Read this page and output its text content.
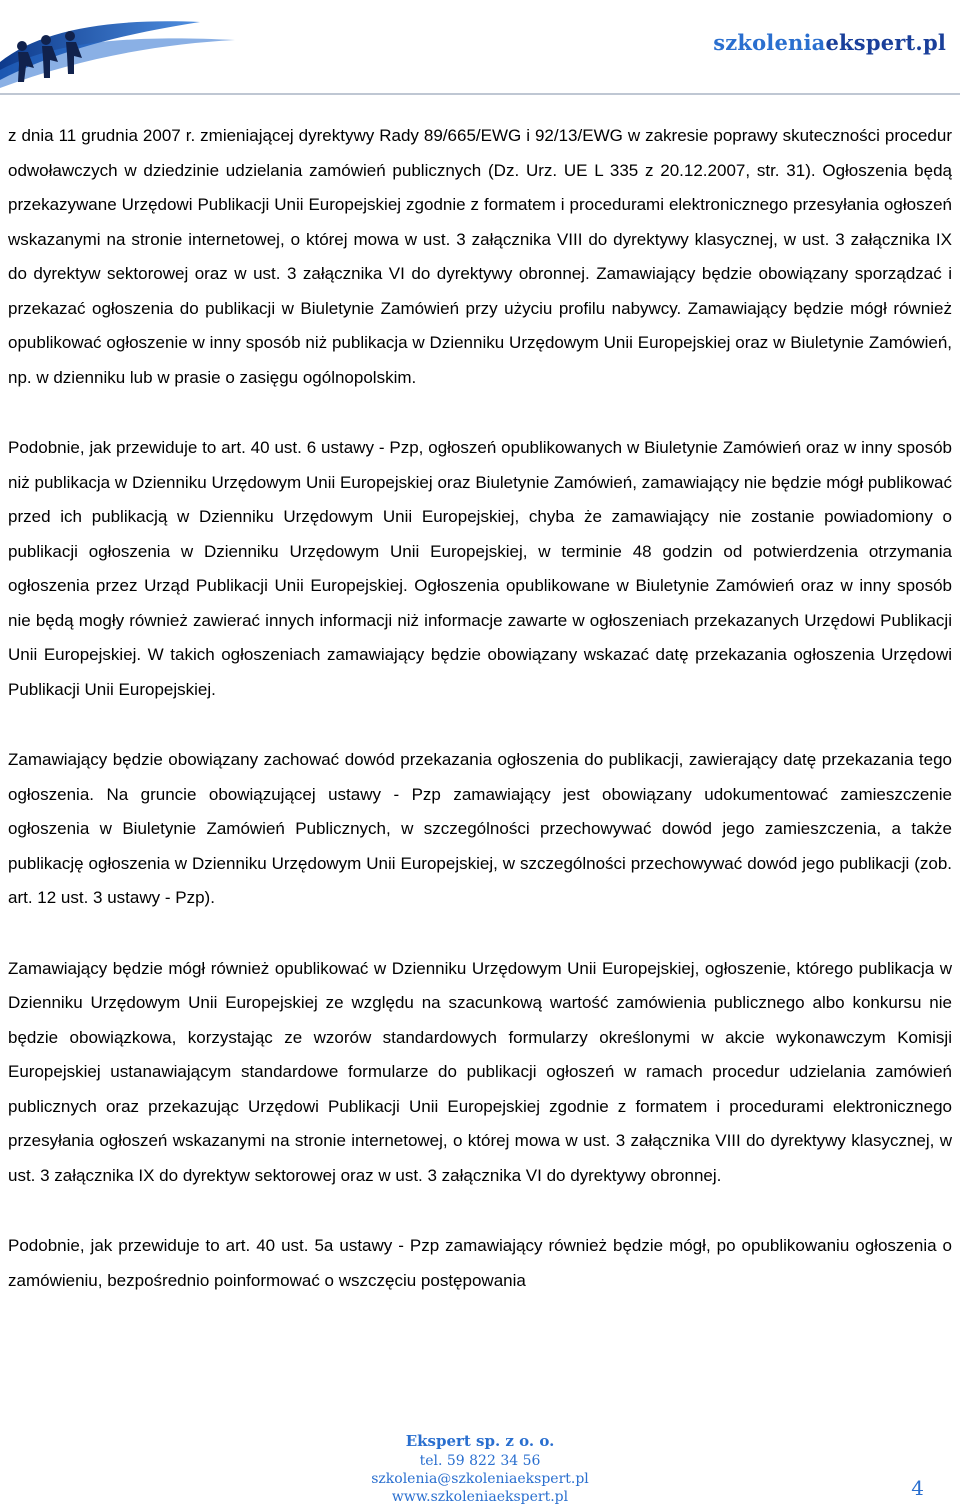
szkoleniaekspert.pl

z dnia 11 grudnia 2007 r. zmieniającej dyrektywy Rady 89/665/EWG i 92/13/EWG w zakresie poprawy skuteczności procedur odwoławczych w dziedzinie udzielania zamówień publicznych (Dz. Urz. UE L 335 z 20.12.2007, str. 31). Ogłoszenia będą przekazywane Urzędowi Publikacji Unii Europejskiej zgodnie z formatem i procedurami elektronicznego przesyłania ogłoszeń wskazanymi na stronie internetowej, o której mowa w ust. 3 załącznika VIII do dyrektywy klasycznej, w ust. 3 załącznika IX do dyrektyw sektorowej oraz w ust. 3 załącznika VI do dyrektywy obronnej. Zamawiający będzie obowiązany sporządzać i przekazać ogłoszenia do publikacji w Biuletynie Zamówień przy użyciu profilu nabywcy. Zamawiający będzie mógł również opublikować ogłoszenie w inny sposób niż publikacja w Dzienniku Urzędowym Unii Europejskiej oraz w Biuletynie Zamówień, np. w dzienniku lub w prasie o zasięgu ogólnopolskim.

Podobnie, jak przewiduje to art. 40 ust. 6 ustawy - Pzp, ogłoszeń opublikowanych w Biuletynie Zamówień oraz w inny sposób niż publikacja w Dzienniku Urzędowym Unii Europejskiej oraz Biuletynie Zamówień, zamawiający nie będzie mógł publikować przed ich publikacją w Dzienniku Urzędowym Unii Europejskiej, chyba że zamawiający nie zostanie powiadomiony o publikacji ogłoszenia w Dzienniku Urzędowym Unii Europejskiej, w terminie 48 godzin od potwierdzenia otrzymania ogłoszenia przez Urząd Publikacji Unii Europejskiej. Ogłoszenia opublikowane w Biuletynie Zamówień oraz w inny sposób nie będą mogły również zawierać innych informacji niż informacje zawarte w ogłoszeniach przekazanych Urzędowi Publikacji Unii Europejskiej. W takich ogłoszeniach zamawiający będzie obowiązany wskazać datę przekazania ogłoszenia Urzędowi Publikacji Unii Europejskiej.

Zamawiający będzie obowiązany zachować dowód przekazania ogłoszenia do publikacji, zawierający datę przekazania tego ogłoszenia. Na gruncie obowiązującej ustawy - Pzp zamawiający jest obowiązany udokumentować zamieszczenie ogłoszenia w Biuletynie Zamówień Publicznych, w szczególności przechowywać dowód jego zamieszczenia, a także publikację ogłoszenia w Dzienniku Urzędowym Unii Europejskiej, w szczególności przechowywać dowód jego publikacji (zob. art. 12 ust. 3 ustawy - Pzp).

Zamawiający będzie mógł również opublikować w Dzienniku Urzędowym Unii Europejskiej, ogłoszenie, którego publikacja w Dzienniku Urzędowym Unii Europejskiej ze względu na szacunkową wartość zamówienia publicznego albo konkursu nie będzie obowiązkowa, korzystając ze wzorów standardowych formularzy określonymi w akcie wykonawczym Komisji Europejskiej ustanawiającym standardowe formularze do publikacji ogłoszeń w ramach procedur udzielania zamówień publicznych oraz przekazując Urzędowi Publikacji Unii Europejskiej zgodnie z formatem i procedurami elektronicznego przesyłania ogłoszeń wskazanymi na stronie internetowej, o której mowa w ust. 3 załącznika VIII do dyrektywy klasycznej, w ust. 3 załącznika IX do dyrektyw sektorowej oraz w ust. 3 załącznika VI do dyrektywy obronnej.

Podobnie, jak przewiduje to art. 40 ust. 5a ustawy - Pzp zamawiający również będzie mógł, po opublikowaniu ogłoszenia o zamówieniu, bezpośrednio poinformować o wszczęciu postępowania

Ekspert sp. z o. o.
tel. 59 822 34 56
szkolenia@szkoleniaekspert.pl
www.szkoleniaekspert.pl	4
